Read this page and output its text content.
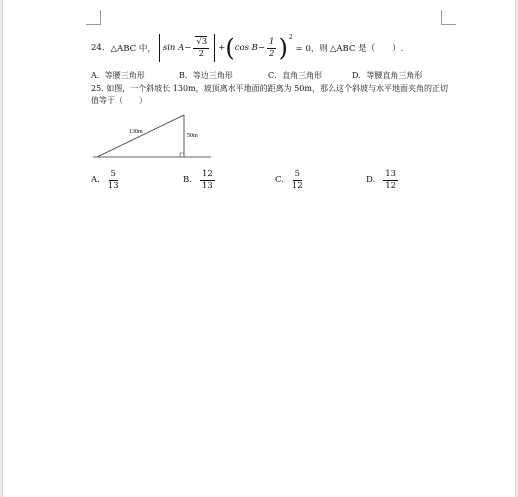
24. △ABC 中， $\sin A - \frac{√3}{2}$ + ( $\cos B - \frac{1}{2}$ ) 2
= 0，则 △ABC 是（　　）.
A．等腰三角形	B．等边三角形	C．直角三角形	D．等腰直角三角形
25. 如图，一个斜坡长 130m，坡顶离水平地面的距离为 50m，那么这个斜坡与水平地面夹角的正切值等于（　　）
130m
50m
A. $\frac{5}{13}$	B. $\frac{12}{13}$	C. $\frac{5}{12}$	D. $\frac{13}{12}$
